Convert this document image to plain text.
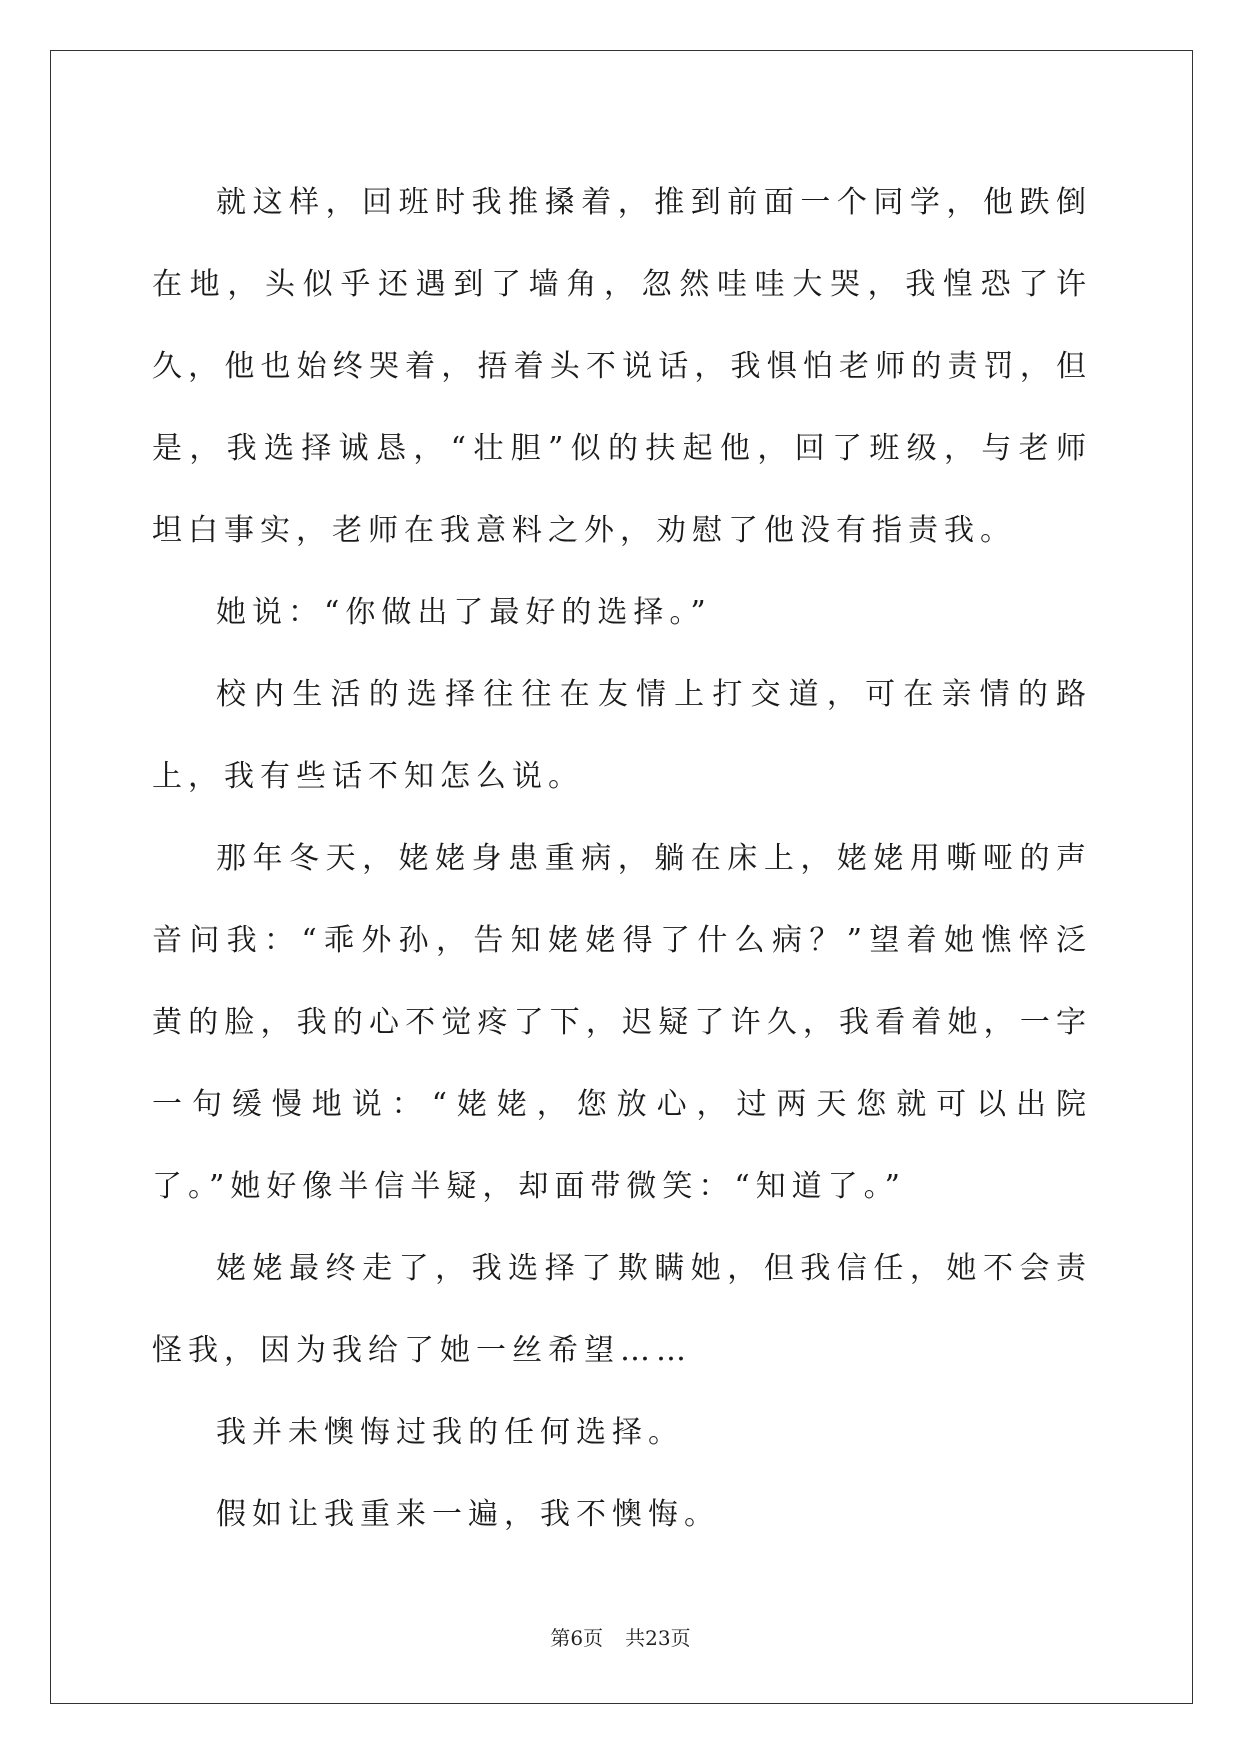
就这样，回班时我推搡着，推到前面一个同学，他跌倒在地，头似乎还遇到了墙角，忽然哇哇大哭，我惶恐了许久，他也始终哭着，捂着头不说话，我惧怕老师的责罚，但是，我选择诚恳，“壮胆”似的扶起他，回了班级，与老师坦白事实，老师在我意料之外，劝慰了他没有指责我。

她说：“你做出了最好的选择。”

校内生活的选择往往在友情上打交道，可在亲情的路上，我有些话不知怎么说。

那年冬天，姥姥身患重病，躺在床上，姥姥用嘶哑的声音问我：“乖外孙，告知姥姥得了什么病？”望着她憔悴泛黄的脸，我的心不觉疼了下，迟疑了许久，我看着她，一字一句缓慢地说：“姥姥，您放心，过两天您就可以出院了。”她好像半信半疑，却面带微笑：“知道了。”

姥姥最终走了，我选择了欺瞒她，但我信任，她不会责怪我，因为我给了她一丝希望……

我并未懊悔过我的任何选择。

假如让我重来一遍，我不懊悔。

第6页 共23页
